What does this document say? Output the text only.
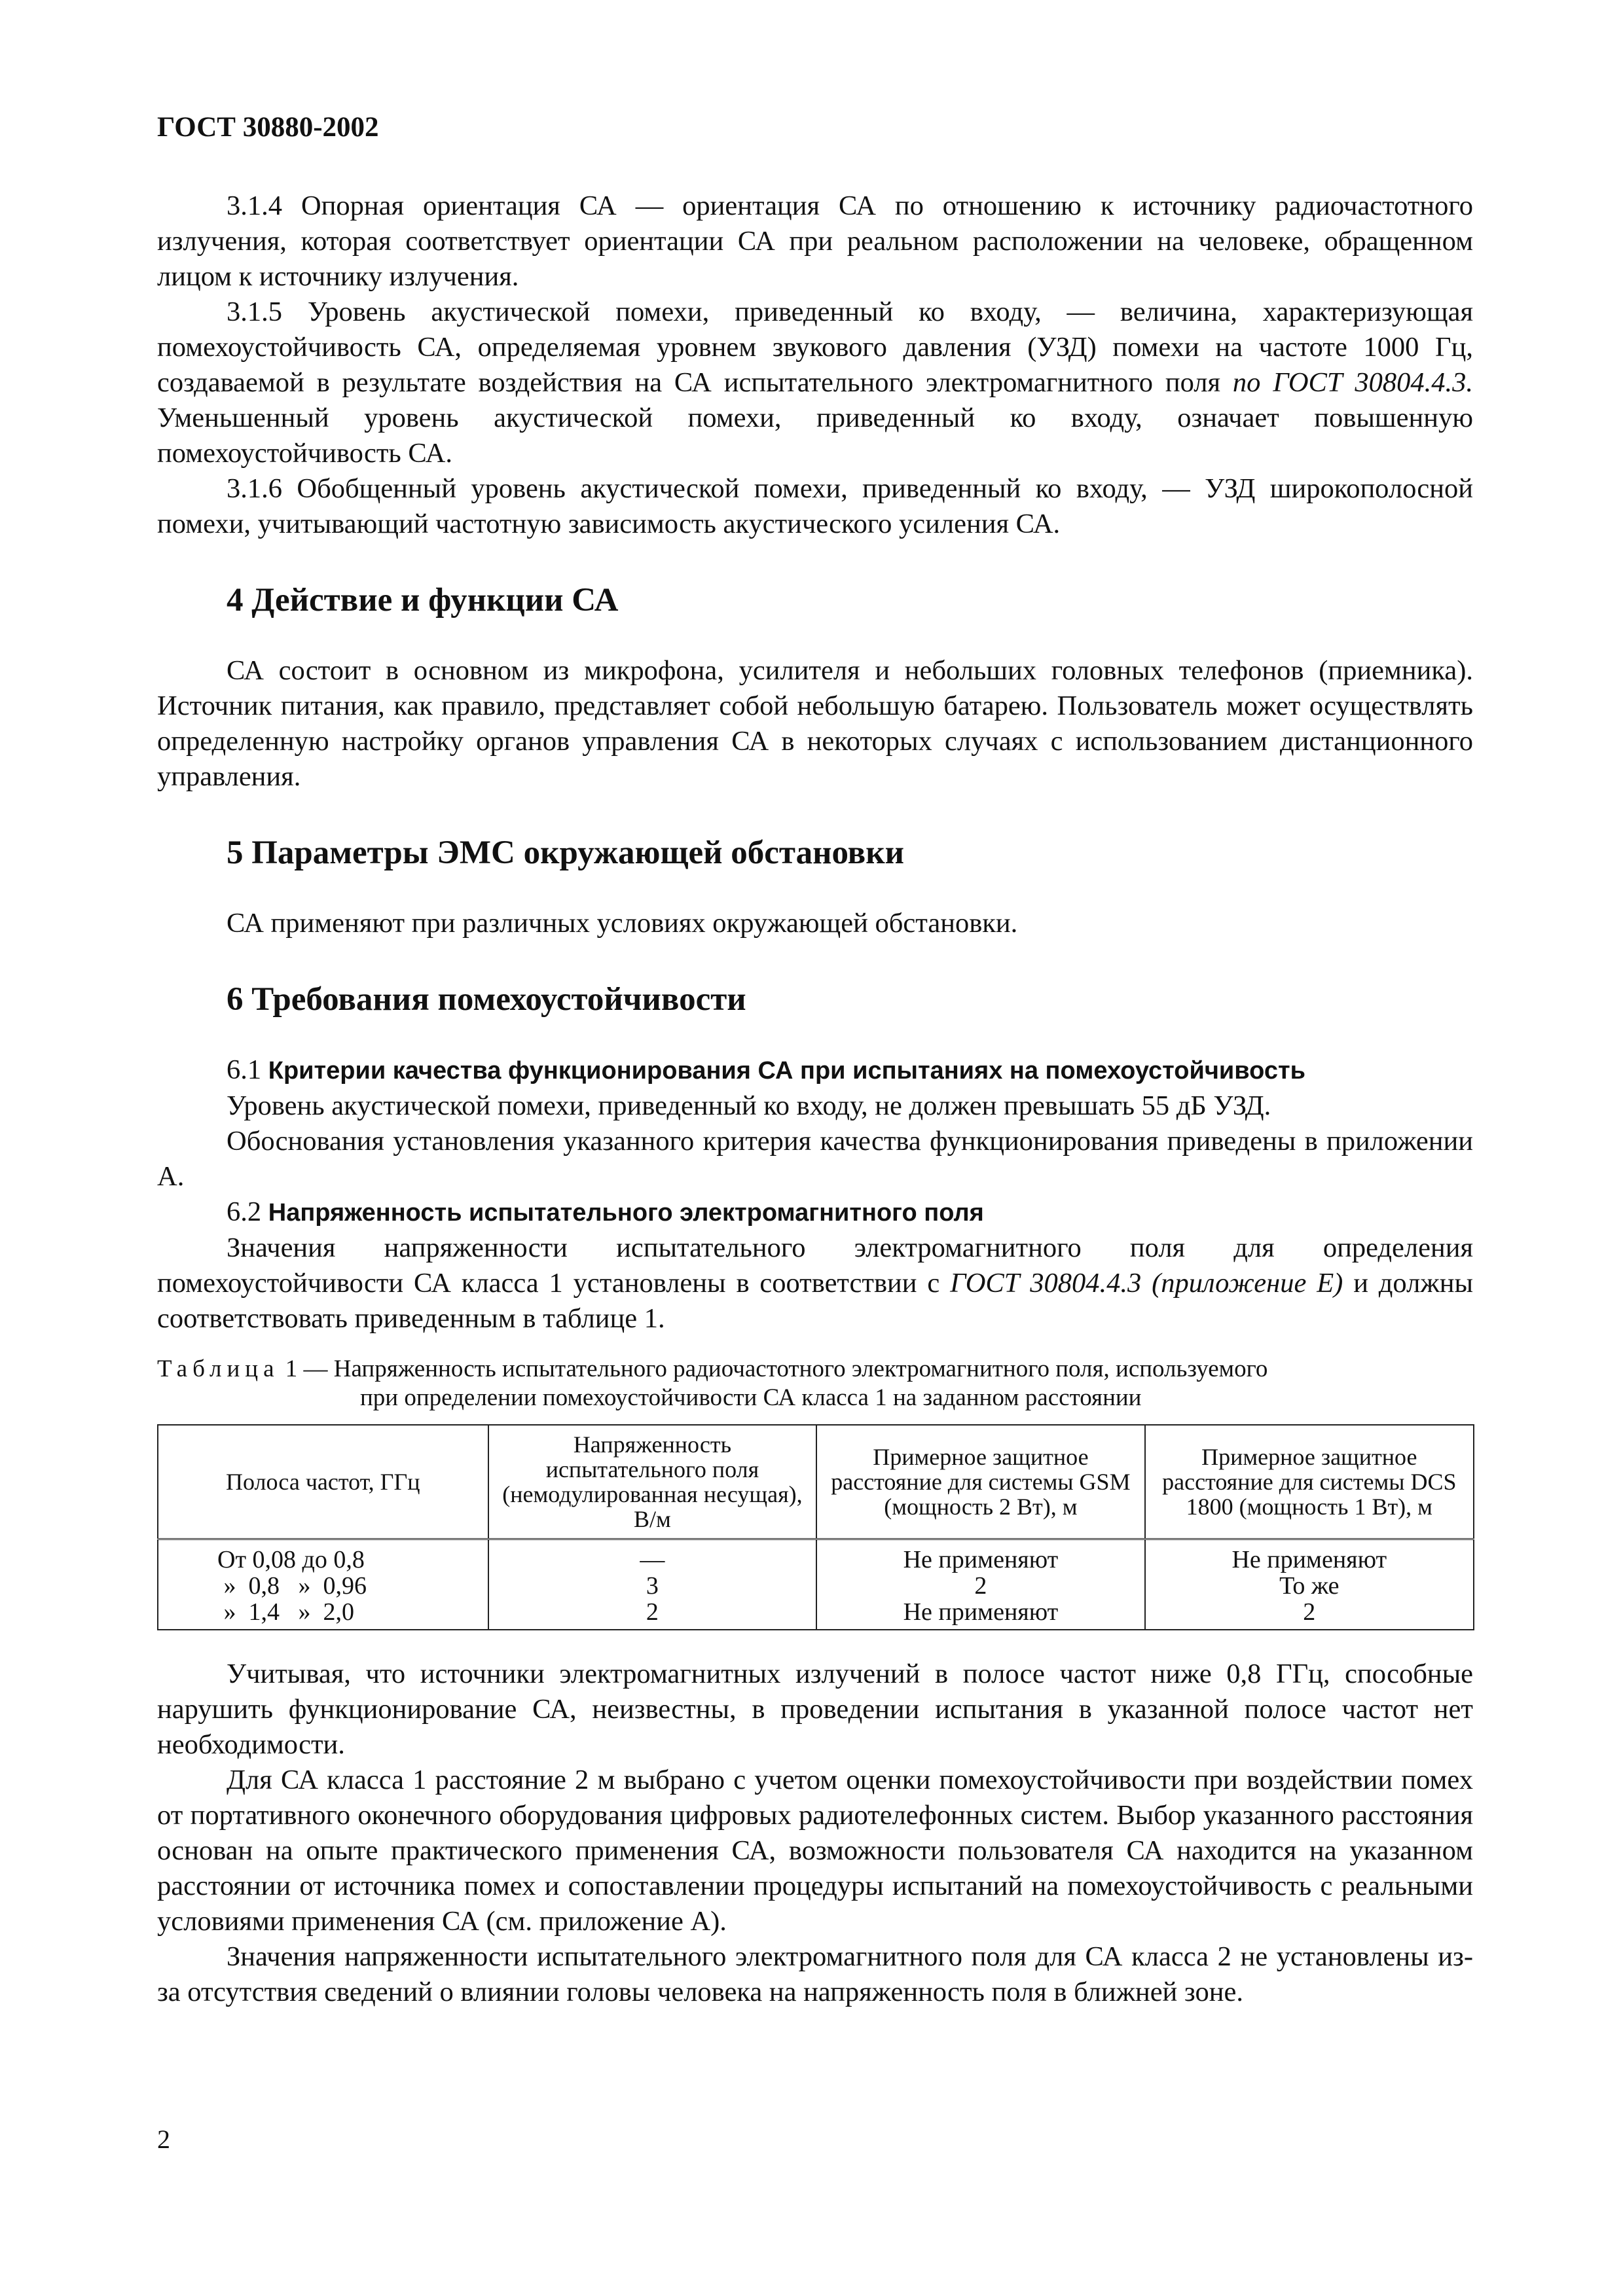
ГОСТ 30880-2002

3.1.4 Опорная ориентация СА — ориентация СА по отношению к источнику радиочастотного излучения, которая соответствует ориентации СА при реальном расположении на человеке, обращенном лицом к источнику излучения.

3.1.5 Уровень акустической помехи, приведенный ко входу, — величина, характеризующая помехоустойчивость СА, определяемая уровнем звукового давления (УЗД) помехи на частоте 1000 Гц, создаваемой в результате воздействия на СА испытательного электромагнитного поля по ГОСТ 30804.4.3. Уменьшенный уровень акустической помехи, приведенный ко входу, означает повышенную помехоустойчивость СА.

3.1.6 Обобщенный уровень акустической помехи, приведенный ко входу, — УЗД широкополосной помехи, учитывающий частотную зависимость акустического усиления СА.

4 Действие и функции СА

СА состоит в основном из микрофона, усилителя и небольших головных телефонов (приемника). Источник питания, как правило, представляет собой небольшую батарею. Пользователь может осуществлять определенную настройку органов управления СА в некоторых случаях с использованием дистанционного управления.

5 Параметры ЭМС окружающей обстановки

СА применяют при различных условиях окружающей обстановки.

6 Требования помехоустойчивости

6.1 Критерии качества функционирования СА при испытаниях на помехоустойчивость

Уровень акустической помехи, приведенный ко входу, не должен превышать 55 дБ УЗД.

Обоснования установления указанного критерия качества функционирования приведены в приложении А.

6.2 Напряженность испытательного электромагнитного поля

Значения напряженности испытательного электромагнитного поля для определения помехоустойчивости СА класса 1 установлены в соответствии с ГОСТ 30804.4.3 (приложение Е) и должны соответствовать приведенным в таблице 1.

Таблица 1 — Напряженность испытательного радиочастотного электромагнитного поля, используемого
при определении помехоустойчивости СА класса 1 на заданном расстоянии
Полоса частот, ГГц	Напряженность испытательного поля (немодулированная несущая), В/м	Примерное защитное расстояние для системы GSM (мощность 2 Вт), м	Примерное защитное расстояние для системы DCS 1800 (мощность 1 Вт), м
От 0,08 до 0,8	—	Не применяют	Не применяют
»  0,8   »  0,96	3	2	То же
»  1,4   »  2,0	2	Не применяют	2

Учитывая, что источники электромагнитных излучений в полосе частот ниже 0,8 ГГц, способные нарушить функционирование СА, неизвестны, в проведении испытания в указанной полосе частот нет необходимости.

Для СА класса 1 расстояние 2 м выбрано с учетом оценки помехоустойчивости при воздействии помех от портативного оконечного оборудования цифровых радиотелефонных систем. Выбор указанного расстояния основан на опыте практического применения СА, возможности пользователя СА находится на указанном расстоянии от источника помех и сопоставлении процедуры испытаний на помехоустойчивость с реальными условиями применения СА (см. приложение А).

Значения напряженности испытательного электромагнитного поля для СА класса 2 не установлены из-за отсутствия сведений о влиянии головы человека на напряженность поля в ближней зоне.

2
